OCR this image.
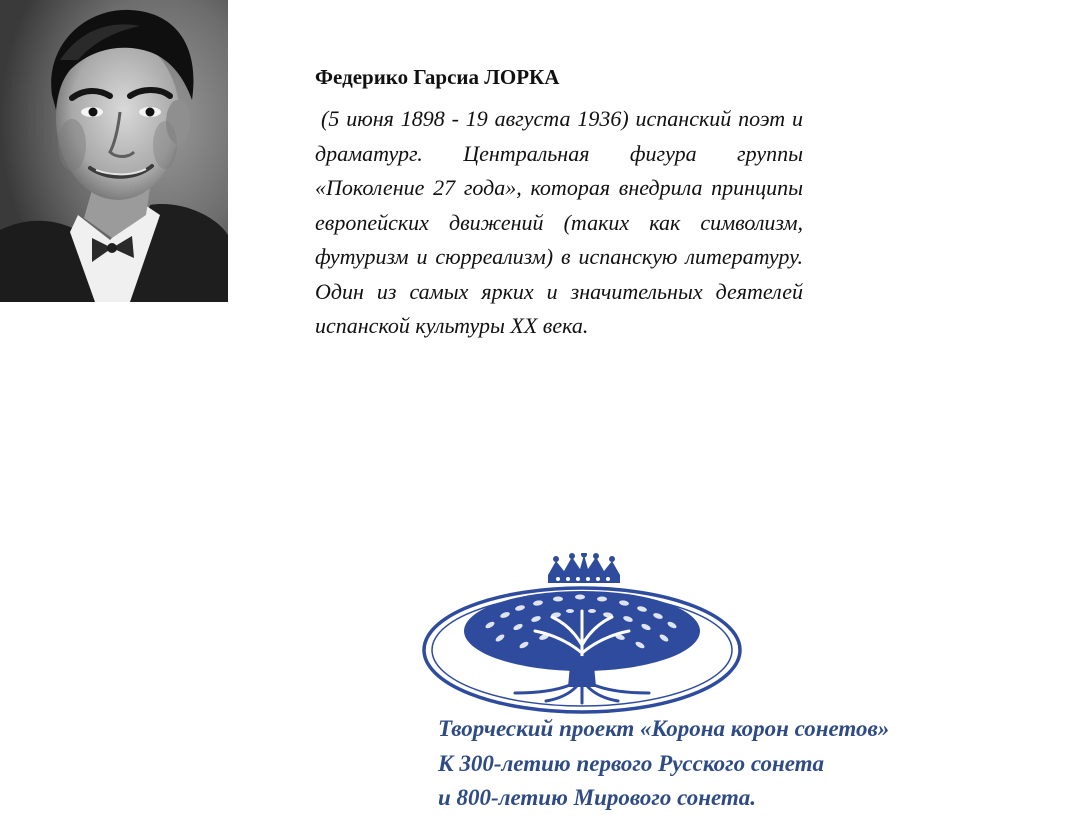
Федерико Гарсиа ЛОРКА

(5 июня 1898 - 19 августа 1936) испанский поэт и драматург. Центральная фигура группы «Поколение 27 года», которая внедрила принципы европейских движений (таких как символизм, футуризм и сюрреализм) в испанскую литературу. Один из самых ярких и значительных деятелей испанской культуры XX века.

Творческий проект «Корона корон сонетов»
К 300-летию первого Русского сонета
и 800-летию Мирового сонета.
